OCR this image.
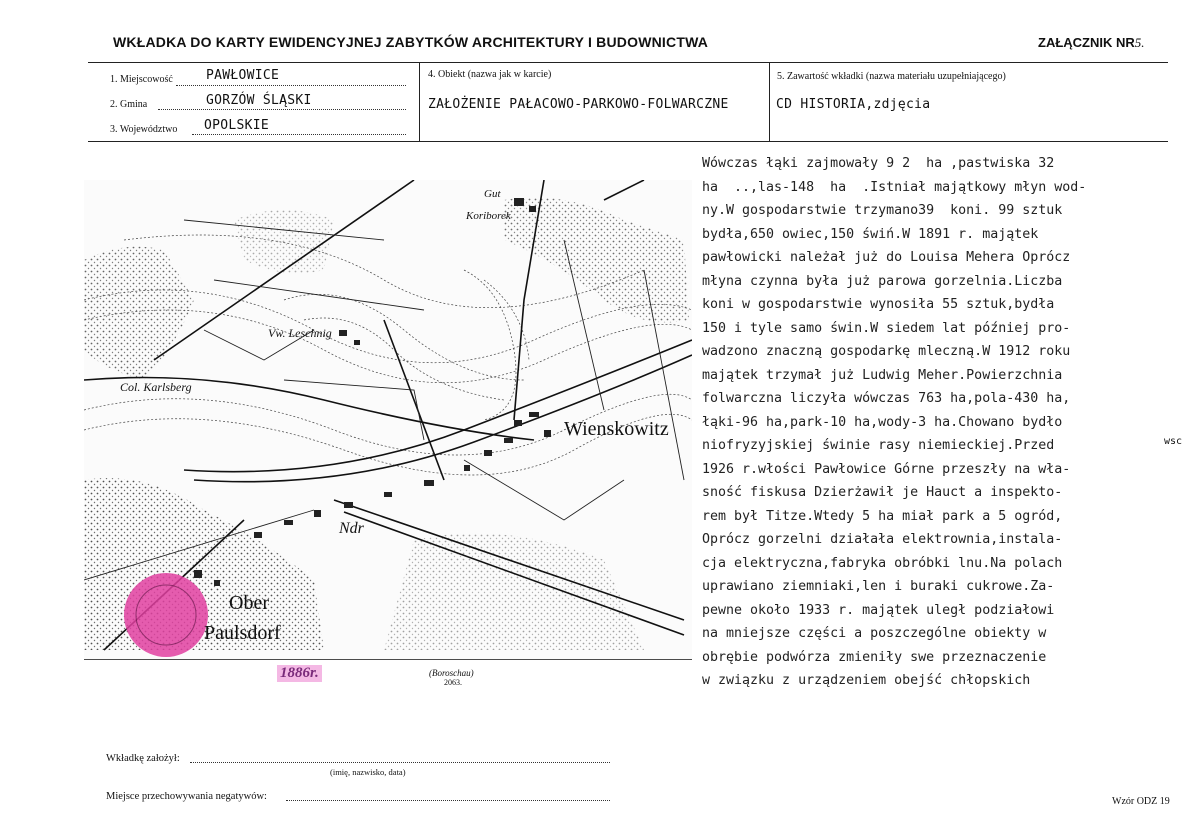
WKŁADKA DO KARTY EWIDENCYJNEJ ZABYTKÓW ARCHITEKTURY I BUDOWNICTWA	ZAŁĄCZNIK NR5.
1. Miejscowość	PAWŁOWICE
2. Gmina	GORZÓW ŚLĄSKI
3. Województwo OPOLSKIE
4. Obiekt (nazwa jak w karcie)
ZAŁOŻENIE PAŁACOWO-PARKOWO-FOLWARCZNE
5. Zawartość wkładki (nazwa materiału uzupełniającego)
CD HISTORIA,zdjęcia
Wienskowitz
Ober
Paulsdorf
Vw. Leschnig
Col. Karlsberg
Koriborek
Gut
Ndr
(Boroschau)
2063.
1886r.
Wówczas łąki zajmowały 9 2  ha ,pastwiska 32
ha  ..,las-148  ha  .Istniał majątkowy młyn wod-
ny.W gospodarstwie trzymano39  koni. 99 sztuk
bydła,650 owiec,150 świń.W 1891 r. majątek
pawłowicki należał już do Louisa Mehera Oprócz
młyna czynna była już parowa gorzelnia.Liczba
koni w gospodarstwie wynosiła 55 sztuk,bydła
150 i tyle samo świn.W siedem lat później pro-
wadzono znaczną gospodarkę mleczną.W 1912 roku
majątek trzymał już Ludwig Meher.Powierzchnia
folwarczna liczyła wówczas 763 ha,pola-430 ha,
łąki-96 ha,park-10 ha,wody-3 ha.Chowano bydło
niofryzyjskiej świnie rasy niemieckiej.Przed
1926 r.włości Pawłowice Górne przeszły na wła-
sność fiskusa Dzierżawił je Hauct a inspekto-
rem był Titze.Wtedy 5 ha miał park a 5 ogród,
Oprócz gorzelni działała elektrownia,instala-
cja elektryczna,fabryka obróbki lnu.Na polach
uprawiano ziemniaki,len i buraki cukrowe.Za-
pewne około 1933 r. majątek uległ podziałowi
na mniejsze części a poszczególne obiekty w
obrębie podwórza zmieniły swe przeznaczenie
w związku z urządzeniem obejść chłopskich
wsc
Wkładkę założył:
(imię, nazwisko, data)
Miejsce przechowywania negatywów:	Wzór ODZ 19
